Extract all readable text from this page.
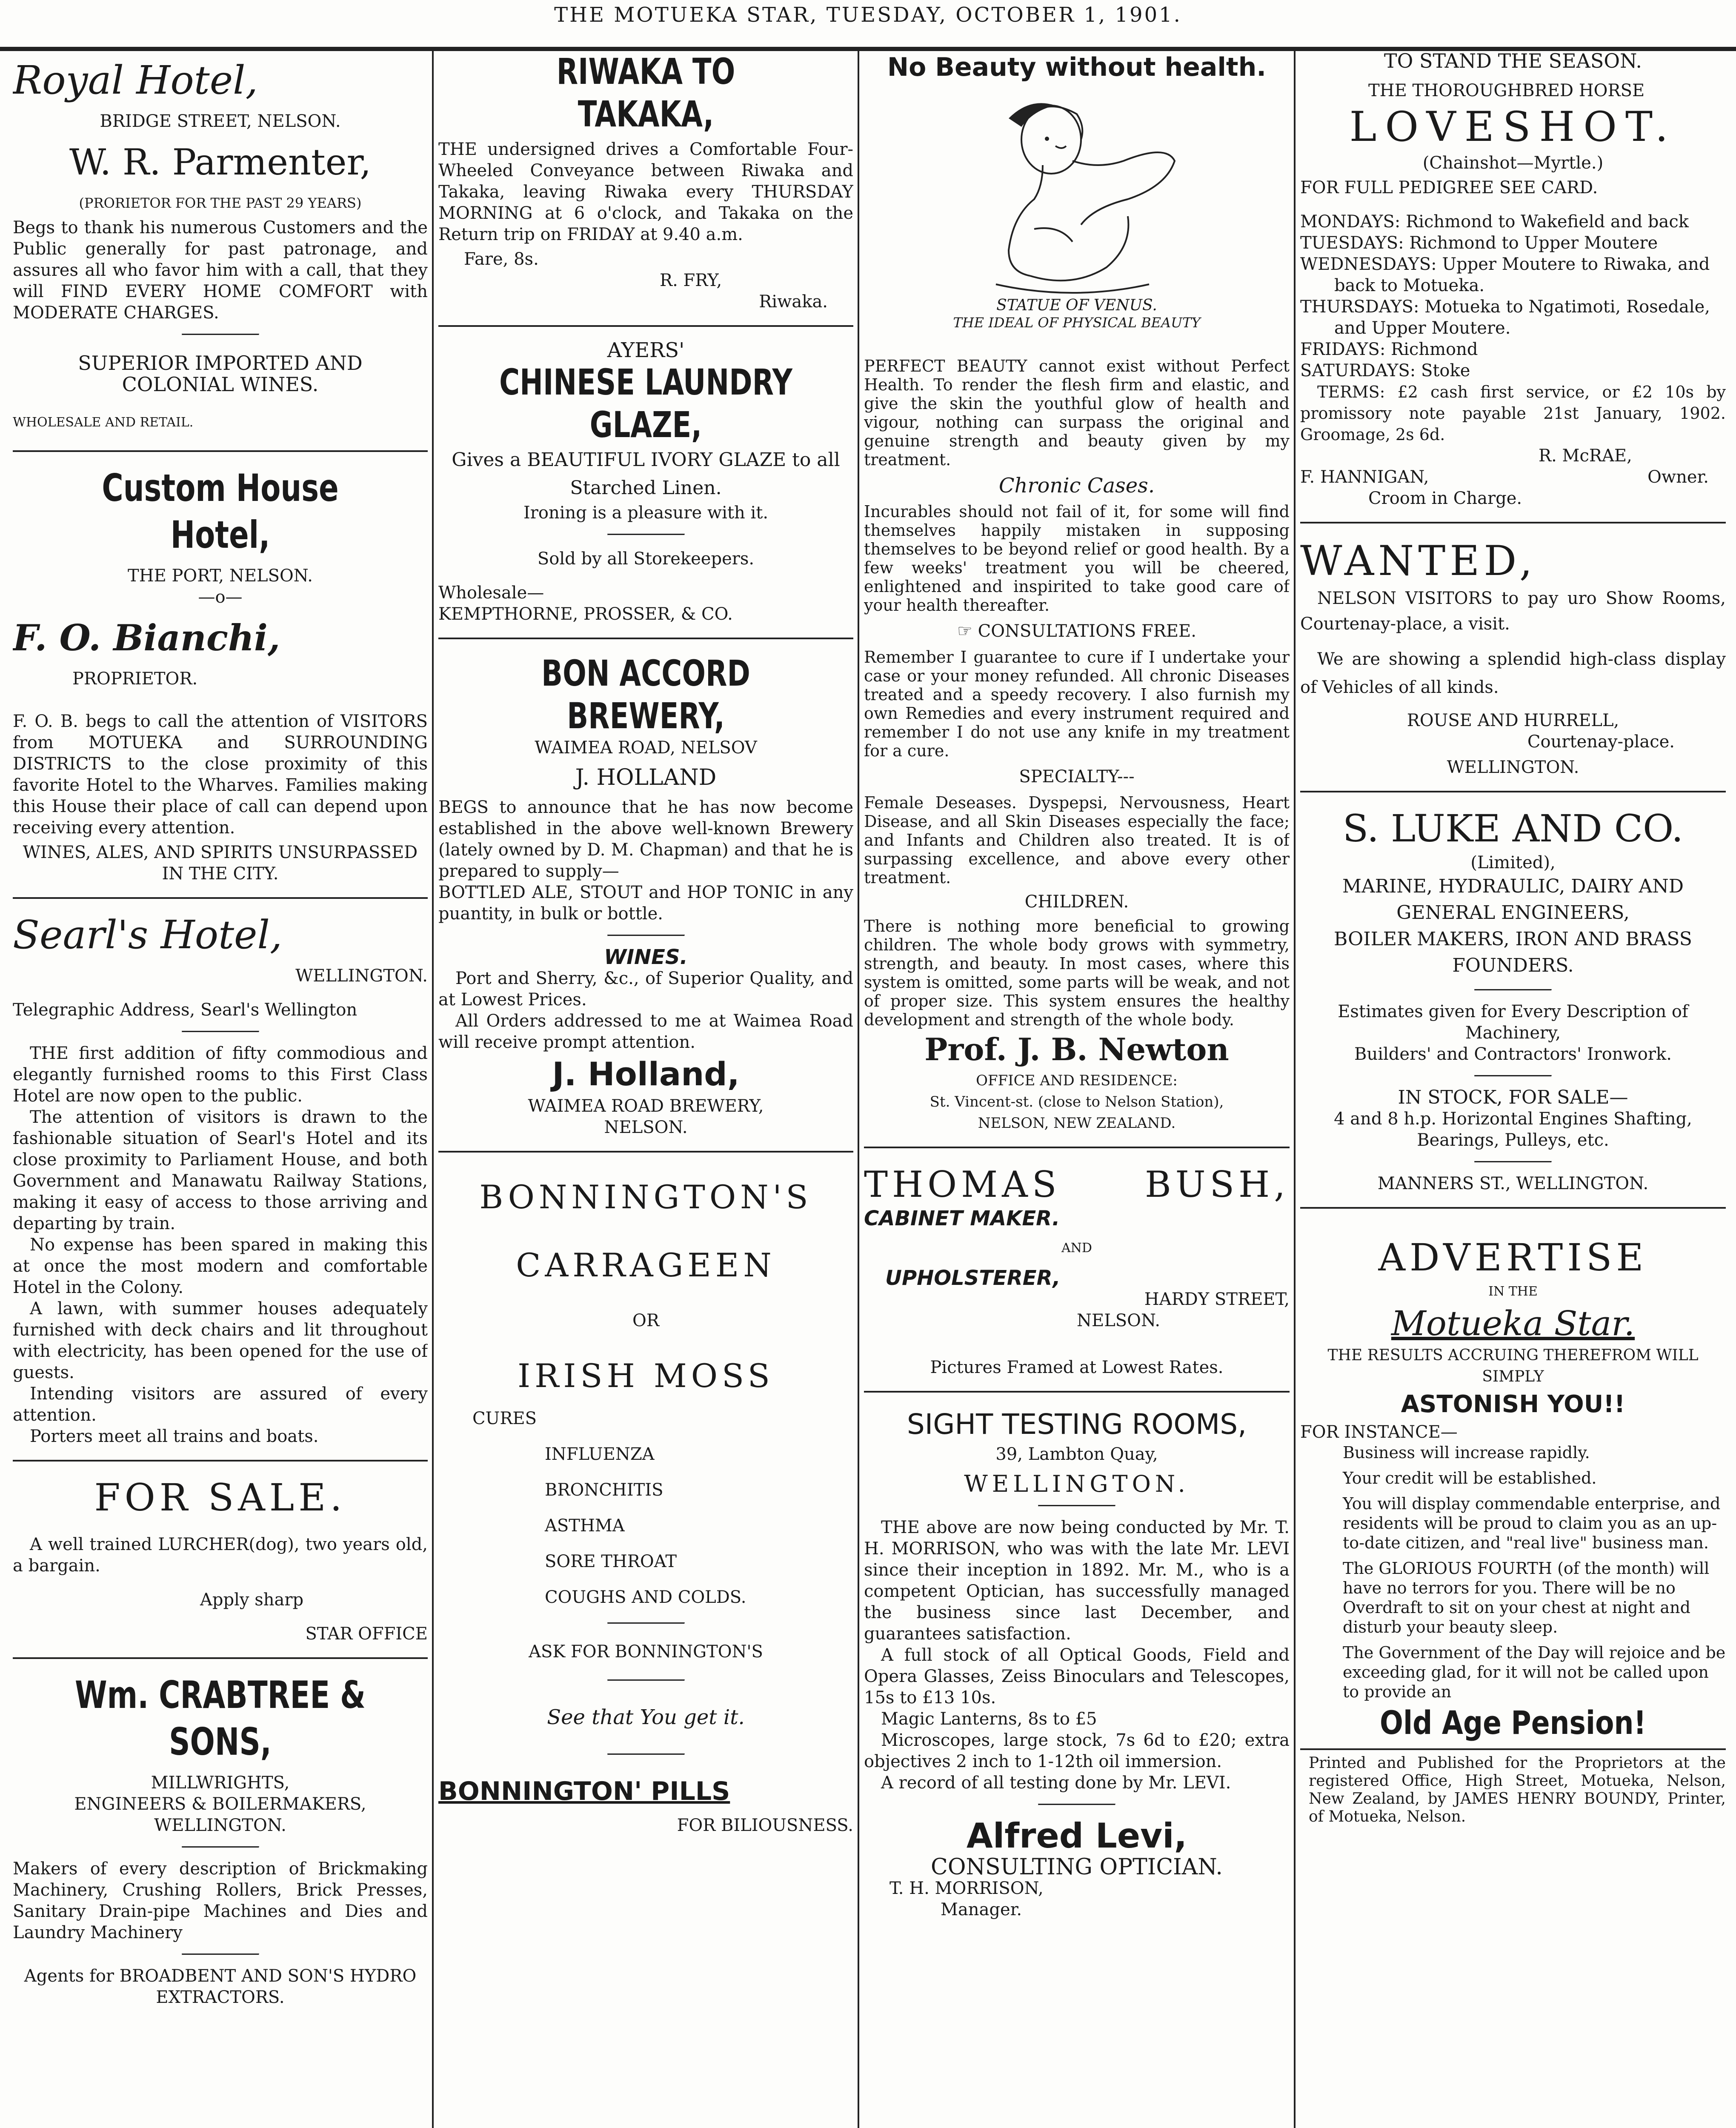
THE MOTUEKA STAR, TUESDAY, OCTOBER 1, 1901.
Royal Hotel,
BRIDGE STREET, NELSON.
W. R. Parmenter,
(PRORIETOR FOR THE PAST 29 YEARS)
Begs to thank his numerous Customers and the Public generally for past patronage, and assures all who favor him with a call, that they will FIND EVERY HOME COMFORT with MODERATE CHARGES.
SUPERIOR IMPORTED AND COLONIAL WINES.
WHOLESALE AND RETAIL.
Custom House Hotel,
THE PORT, NELSON.
—o—
F. O. Bianchi,
PROPRIETOR.
F. O. B. begs to call the attention of VISITORS from MOTUEKA and SURROUNDING DISTRICTS to the close proximity of this favorite Hotel to the Wharves. Families making this House their place of call can depend upon receiving every attention.
WINES, ALES, AND SPIRITS UNSURPASSED IN THE CITY.
Searl's Hotel,
WELLINGTON.
Telegraphic Address, Searl's Wellington
THE first addition of fifty commodious and elegantly furnished rooms to this First Class Hotel are now open to the public.
The attention of visitors is drawn to the fashionable situation of Searl's Hotel and its close proximity to Parliament House, and both Government and Manawatu Railway Stations, making it easy of access to those arriving and departing by train.
No expense has been spared in making this at once the most modern and comfortable Hotel in the Colony.
A lawn, with summer houses adequately furnished with deck chairs and lit throughout with electricity, has been opened for the use of guests.
Intending visitors are assured of every attention.
Porters meet all trains and boats.
FOR SALE.
A well trained LURCHER(dog), two years old, a bargain.
Apply sharp
STAR OFFICE
Wm. CRABTREE & SONS,
MILLWRIGHTS,
ENGINEERS & BOILERMAKERS,
WELLINGTON.
Makers of every description of Brickmaking Machinery, Crushing Rollers, Brick Presses, Sanitary Drain-pipe Machines and Dies and Laundry Machinery
Agents for BROADBENT AND SON'S HYDRO EXTRACTORS.
RIWAKA TO TAKAKA,
THE undersigned drives a Comfortable Four-Wheeled Conveyance between Riwaka and Takaka, leaving Riwaka every THURSDAY MORNING at 6 o'clock, and Takaka on the Return trip on FRIDAY at 9.40 a.m.
Fare, 8s.
R. FRY,
Riwaka.
AYERS'
CHINESE LAUNDRY GLAZE,
Gives a BEAUTIFUL IVORY GLAZE to all Starched Linen.
Ironing is a pleasure with it.
Sold by all Storekeepers.
Wholesale—
KEMPTHORNE, PROSSER, & CO.
BON ACCORD BREWERY,
WAIMEA ROAD, NELSOV
J. HOLLAND
BEGS to announce that he has now become established in the above well-known Brewery (lately owned by D. M. Chapman) and that he is prepared to supply—
BOTTLED ALE, STOUT and HOP TONIC in any puantity, in bulk or bottle.
WINES.
Port and Sherry, &c., of Superior Quality, and at Lowest Prices.
All Orders addressed to me at Waimea Road will receive prompt attention.
J. Holland,
WAIMEA ROAD BREWERY,
NELSON.
BONNINGTON'S
CARRAGEEN
OR
IRISH MOSS
CURES
INFLUENZA
BRONCHITIS
ASTHMA
SORE THROAT
COUGHS AND COLDS.
ASK FOR BONNINGTON'S
See that You get it.
BONNINGTON' PILLS
FOR BILIOUSNESS.
No Beauty without health.
STATUE OF VENUS.
THE IDEAL OF PHYSICAL BEAUTY
PERFECT BEAUTY cannot exist without Perfect Health. To render the flesh firm and elastic, and give the skin the youthful glow of health and vigour, nothing can surpass the original and genuine strength and beauty given by my treatment.
Chronic Cases.
Incurables should not fail of it, for some will find themselves happily mistaken in supposing themselves to be beyond relief or good health. By a few weeks' treatment you will be cheered, enlightened and inspirited to take good care of your health thereafter.
☞ CONSULTATIONS FREE.
Remember I guarantee to cure if I undertake your case or your money refunded. All chronic Diseases treated and a speedy recovery. I also furnish my own Remedies and every instrument required and remember I do not use any knife in my treatment for a cure.
SPECIALTY---
Female Deseases. Dyspepsi, Nervousness, Heart Disease, and all Skin Diseases especially the face; and Infants and Children also treated. It is of surpassing excellence, and above every other treatment.
CHILDREN.
There is nothing more beneficial to growing children. The whole body grows with symmetry, strength, and beauty. In most cases, where this system is omitted, some parts will be weak, and not of proper size. This system ensures the healthy development and strength of the whole body.
Prof. J. B. Newton
OFFICE AND RESIDENCE:
St. Vincent-st. (close to Nelson Station),
NELSON, NEW ZEALAND.
THOMAS BUSH,
CABINET MAKER.
AND
UPHOLSTERER,
HARDY STREET,
NELSON.
Pictures Framed at Lowest Rates.
SIGHT TESTING ROOMS,
39, Lambton Quay,
WELLINGTON.
THE above are now being conducted by Mr. T. H. MORRISON, who was with the late Mr. LEVI since their inception in 1892. Mr. M., who is a competent Optician, has successfully managed the business since last December, and guarantees satisfaction.
A full stock of all Optical Goods, Field and Opera Glasses, Zeiss Binoculars and Telescopes, 15s to £13 10s.
Magic Lanterns, 8s to £5
Microscopes, large stock, 7s 6d to £20; extra objectives 2 inch to 1-12th oil immersion.
A record of all testing done by Mr. LEVI.
Alfred Levi,
CONSULTING OPTICIAN.
T. H. MORRISON,
Manager.
TO STAND THE SEASON.
THE THOROUGHBRED HORSE
LOVESHOT.
(Chainshot—Myrtle.)
FOR FULL PEDIGREE SEE CARD.
MONDAYS: Richmond to Wakefield and back
TUESDAYS: Richmond to Upper Moutere
WEDNESDAYS: Upper Moutere to Riwaka, and back to Motueka.
THURSDAYS: Motueka to Ngatimoti, Rosedale, and Upper Moutere.
FRIDAYS: Richmond
SATURDAYS: Stoke
TERMS: £2 cash first service, or £2 10s by promissory note payable 21st January, 1902. Groomage, 2s 6d.
R. McRAE,
F. HANNIGAN,	Owner.
Croom in Charge.
WANTED,
NELSON VISITORS to pay uro Show Rooms, Courtenay-place, a visit.
We are showing a splendid high-class display of Vehicles of all kinds.
ROUSE AND HURRELL,
Courtenay-place.
WELLINGTON.
S. LUKE AND CO.
(Limited),
MARINE, HYDRAULIC, DAIRY AND GENERAL ENGINEERS,
BOILER MAKERS, IRON AND BRASS FOUNDERS.
Estimates given for Every Description of Machinery,
Builders' and Contractors' Ironwork.
IN STOCK, FOR SALE—
4 and 8 h.p. Horizontal Engines Shafting, Bearings, Pulleys, etc.
MANNERS ST., WELLINGTON.
ADVERTISE
IN THE
Motueka Star.
THE RESULTS ACCRUING THEREFROM WILL SIMPLY
ASTONISH YOU!!
FOR INSTANCE—
Business will increase rapidly.
Your credit will be established.
You will display commendable enterprise, and residents will be proud to claim you as an up-to-date citizen, and "real live" business man.
The GLORIOUS FOURTH (of the month) will have no terrors for you. There will be no Overdraft to sit on your chest at night and disturb your beauty sleep.
The Government of the Day will rejoice and be exceeding glad, for it will not be called upon to provide an
Old Age Pension!
Printed and Published for the Proprietors at the registered Office, High Street, Motueka, Nelson, New Zealand, by JAMES HENRY BOUNDY, Printer, of Motueka, Nelson.
